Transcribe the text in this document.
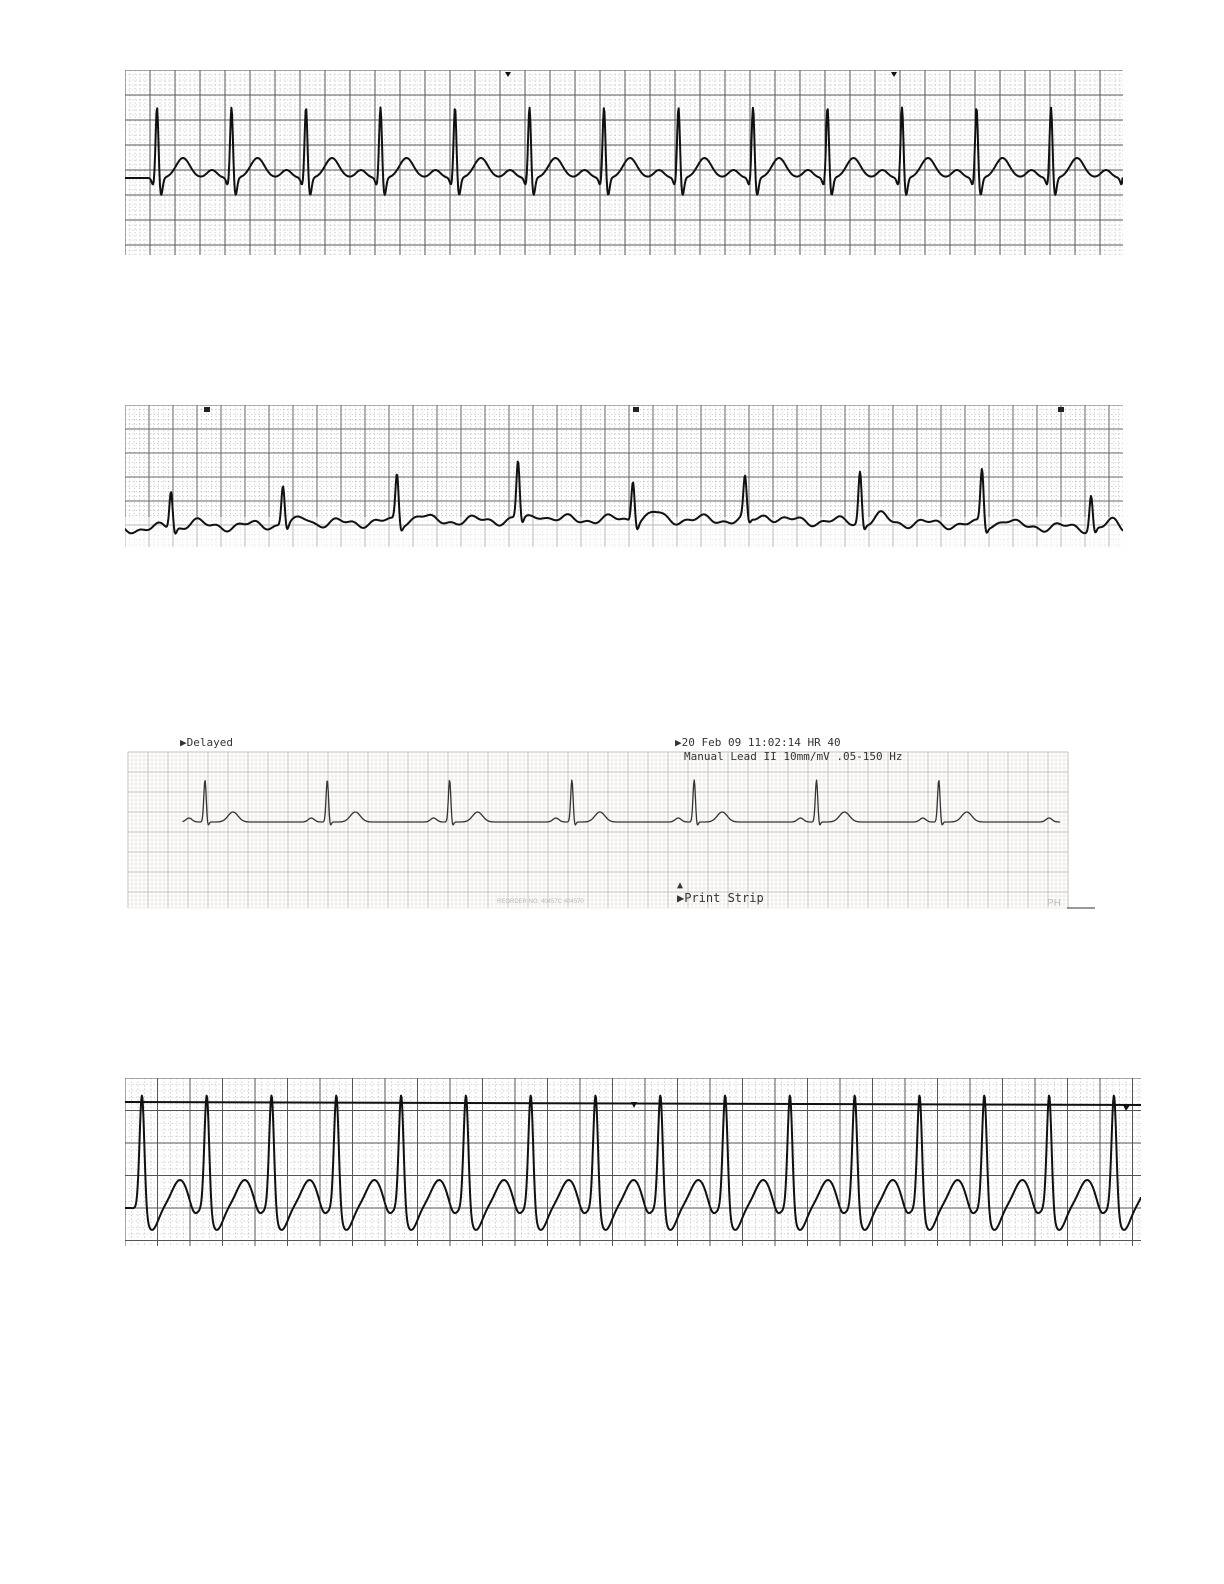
▶Delayed	▶20 Feb 09 11:02:14 HR 40
Manual Lead II 10mm/mV .05-150 Hz
▲
▶Print Strip
REORDER NO. 40457C 404570	PH
